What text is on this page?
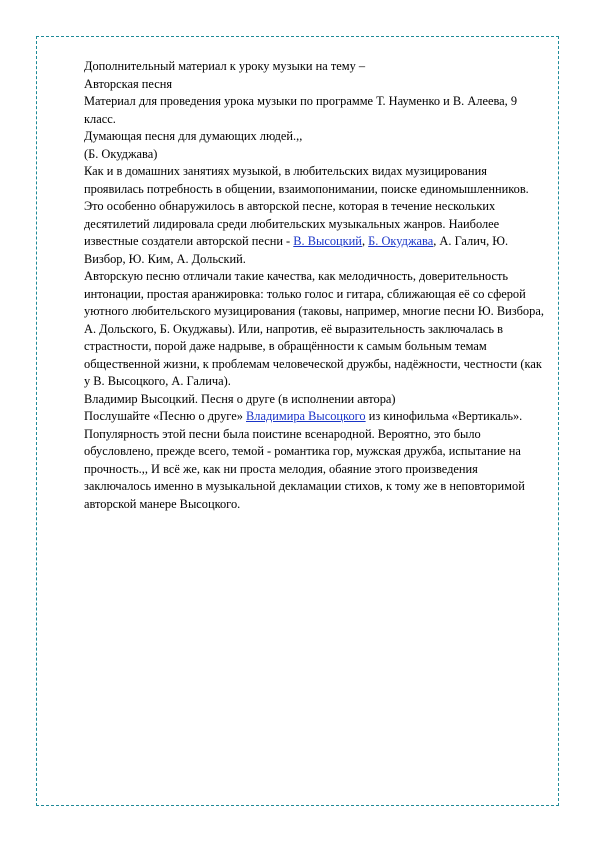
Дополнительный материал к уроку музыки на тему –

Авторская песня

Материал для проведения урока музыки по программе Т. Науменко и В. Алеева, 9 класс.

Думающая песня для думающих людей.,,

(Б. Окуджава)

Как и в домашних занятиях музыкой, в любительских видах музицирования проявилась потребность в общении, взаимопонимании, поиске единомышленников. Это особенно обнаружилось в авторской песне, которая в течение нескольких десятилетий лидировала среди любительских музыкальных жанров. Наиболее известные создатели авторской песни - В. Высоцкий, Б. Окуджава, А. Галич, Ю. Визбор, Ю. Ким, А. Дольский.

Авторскую песню отличали такие качества, как мелодичность, доверительность интонации, простая аранжировка: только голос и гитара, сближающая её со сферой уютного любительского музицирования (таковы, например, многие песни Ю. Визбора, А. Дольского, Б. Окуджавы). Или, напротив, её выразительность заключалась в страстности, порой даже надрыве, в обращённости к самым больным темам общественной жизни, к проблемам человеческой дружбы, надёжности, честности (как у В. Высоцкого, А. Галича).

Владимир Высоцкий. Песня о друге (в исполнении автора)

Послушайте «Песню о друге» Владимира Высоцкого из кинофильма «Вертикаль». Популярность этой песни была поистине всенародной. Вероятно, это было обусловлено, прежде всего, темой - романтика гор, мужская дружба, испытание на прочность.,, И всё же, как ни проста мелодия, обаяние этого произведения заключалось именно в музыкальной декламации стихов, к тому же в неповторимой авторской манере Высоцкого.
